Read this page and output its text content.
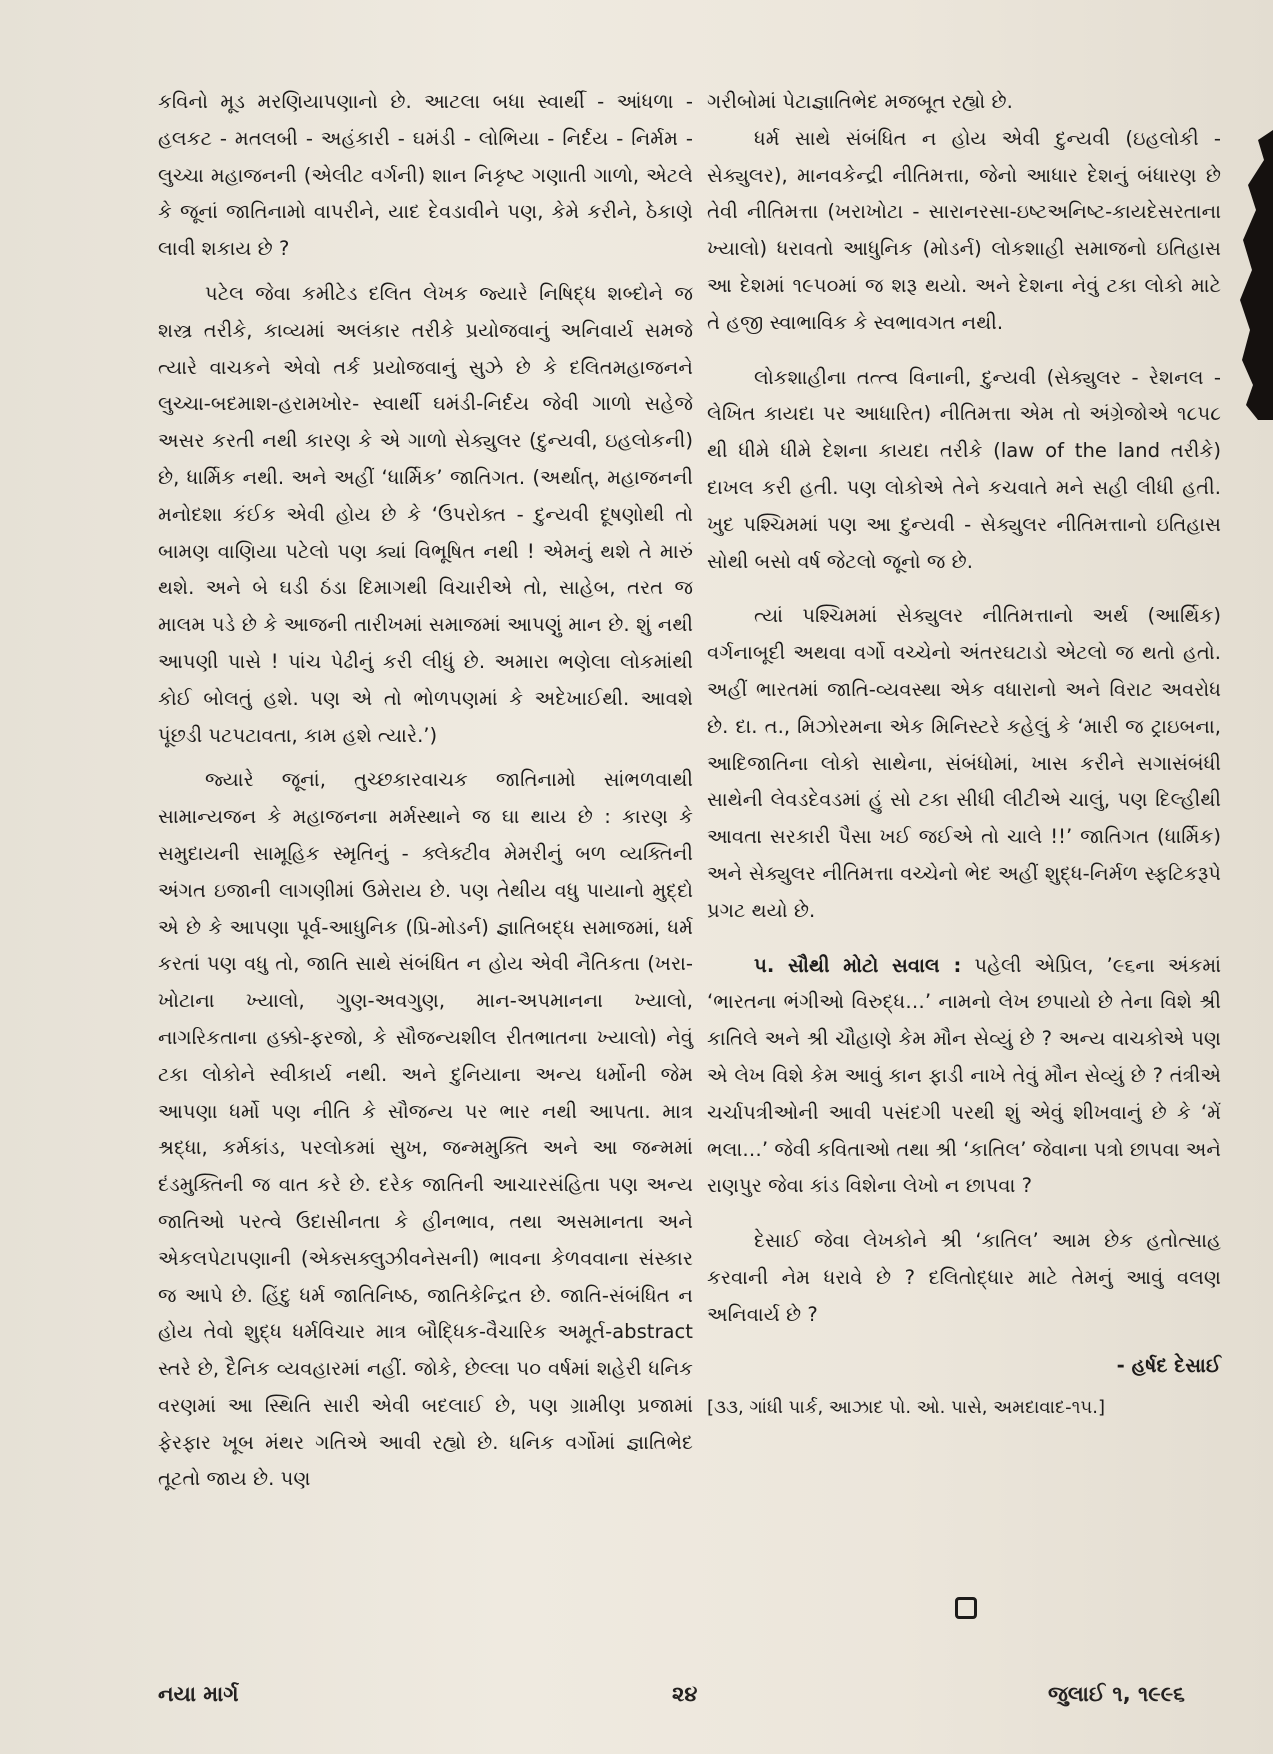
કવિનો મૂડ મરણિયાપણાનો છે. આટલા બધા સ્વાર્થી - આંધળા - હલકટ - મતલબી - અહંકારી - ઘમંડી - લોભિયા - નિર્દય - નિર્મમ - લુચ્ચા મહાજનની (એલીટ વર્ગની) શાન નિકૃષ્ટ ગણાતી ગાળો, એટલે કે જૂનાં જાતિનામો વાપરીને, યાદ દેવડાવીને પણ, કેમે કરીને, ઠેકાણે લાવી શકાય છે ?

પટેલ જેવા કમીટેડ દલિત લેખક જ્યારે નિષિદ્ધ શબ્દોને જ શસ્ત્ર તરીકે, કાવ્યમાં અલંકાર તરીકે પ્રયોજવાનું અનિવાર્ય સમજે ત્યારે વાચકને એવો તર્ક પ્રયોજવાનું સુઝે છે કે દલિતમહાજનને લુચ્ચા-બદમાશ-હરામખોર- સ્વાર્થી ઘમંડી-નિર્દય જેવી ગાળો સહેજે અસર કરતી નથી કારણ કે એ ગાળો સેક્યુલર (દુન્યવી, ઇહલોકની) છે, ધાર્મિક નથી. અને અહીં ‘ધાર્મિક’ જાતિગત. (અર્થાત્, મહાજનની મનોદશા કંઈક એવી હોય છે કે ‘ઉપરોક્ત - દુન્યવી દૂષણોથી તો બામણ વાણિયા પટેલો પણ ક્યાં વિભૂષિત નથી ! એમનું થશે તે મારું થશે. અને બે ઘડી ઠંડા દિમાગથી વિચારીએ તો, સાહેબ, તરત જ માલમ પડે છે કે આજની તારીખમાં સમાજમાં આપણું માન છે. શું નથી આપણી પાસે ! પાંચ પેઢીનું કરી લીધું છે. અમારા ભણેલા લોકમાંથી કોઈ બોલતું હશે. પણ એ તો ભોળપણમાં કે અદેખાઈથી. આવશે પૂંછડી પટપટાવતા, કામ હશે ત્યારે.’)

જ્યારે જૂનાં, તુચ્છકારવાચક જાતિનામો સાંભળવાથી સામાન્યજન કે મહાજનના મર્મસ્થાને જ ઘા થાય છે : કારણ કે સમુદાયની સામૂહિક સ્મૃતિનું - ક્લેક્ટીવ મેમરીનું બળ વ્યક્તિની અંગત ઇજાની લાગણીમાં ઉમેરાય છે. પણ તેથીય વધુ પાયાનો મુદ્દો એ છે કે આપણા પૂર્વ-આધુનિક (પ્રિ-મોડર્ન) જ્ઞાતિબદ્ધ સમાજમાં, ધર્મ કરતાં પણ વધુ તો, જાતિ સાથે સંબંધિત ન હોય એવી નૈતિકતા (ખરા-ખોટાના ખ્યાલો, ગુણ-અવગુણ, માન-અપમાનના ખ્યાલો, નાગરિકતાના હક્કો-ફરજો, કે સૌજન્યશીલ રીતભાતના ખ્યાલો) નેવું ટકા લોકોને સ્વીકાર્ય નથી. અને દુનિયાના અન્ય ધર્મોની જેમ આપણા ધર્મો પણ નીતિ કે સૌજન્ય પર ભાર નથી આપતા. માત્ર શ્રદ્ધા, કર્મકાંડ, પરલોકમાં સુખ, જન્મમુક્તિ અને આ જન્મમાં દંડમુક્તિની જ વાત કરે છે. દરેક જાતિની આચારસંહિતા પણ અન્ય જાતિઓ પરત્વે ઉદાસીનતા કે હીનભાવ, તથા અસમાનતા અને એકલપેટાપણાની (એક્સક્લુઝીવનેસની) ભાવના કેળવવાના સંસ્કાર જ આપે છે. હિંદુ ધર્મ જાતિનિષ્ઠ, જાતિકેન્દ્રિત છે. જાતિ-સંબંધિત ન હોય તેવો શુદ્ધ ધર્મવિચાર માત્ર બૌદ્ધિક-વૈચારિક અમૂર્ત-abstract સ્તરે છે, દૈનિક વ્યવહારમાં નહીં. જોકે, છેલ્લા ૫૦ વર્ષમાં શહેરી ધનિક વરણમાં આ સ્થિતિ સારી એવી બદલાઈ છે, પણ ગ્રામીણ પ્રજામાં ફેરફાર ખૂબ મંથર ગતિએ આવી રહ્યો છે. ધનિક વર્ગોમાં જ્ઞાતિભેદ તૂટતો જાય છે. પણ

ગરીબોમાં પેટાજ્ઞાતિભેદ મજબૂત રહ્યો છે.

ધર્મ સાથે સંબંધિત ન હોય એવી દુન્યવી (ઇહલોકી - સેક્યુલર), માનવકેન્દ્રી નીતિમત્તા, જેનો આધાર દેશનું બંધારણ છે તેવી નીતિમત્તા (ખરાખોટા - સારાનરસા-ઇષ્ટઅનિષ્ટ-કાયદેસરતાના ખ્યાલો) ધરાવતો આધુનિક (મોડર્ન) લોકશાહી સમાજનો ઇતિહાસ આ દેશમાં ૧૯૫૦માં જ શરૂ થયો. અને દેશના નેવું ટકા લોકો માટે તે હજી સ્વાભાવિક કે સ્વભાવગત નથી.

લોકશાહીના તત્ત્વ વિનાની, દુન્યવી (સેક્યુલર - રેશનલ - લેખિત કાયદા પર આધારિત) નીતિમત્તા એમ તો અંગ્રેજોએ ૧૮૫૮ થી ધીમે ધીમે દેશના કાયદા તરીકે (law of the land તરીકે) દાખલ કરી હતી. પણ લોકોએ તેને કચવાતે મને સહી લીધી હતી. ખુદ પશ્ચિમમાં પણ આ દુન્યવી - સેક્યુલર નીતિમત્તાનો ઇતિહાસ સોથી બસો વર્ષ જેટલો જૂનો જ છે.

ત્યાં પશ્ચિમમાં સેક્યુલર નીતિમત્તાનો અર્થ (આર્થિક) વર્ગનાબૂદી અથવા વર્ગો વચ્ચેનો અંતરઘટાડો એટલો જ થતો હતો. અહીં ભારતમાં જાતિ-વ્યવસ્થા એક વધારાનો અને વિરાટ અવરોધ છે. દા. ત., મિઝોરમના એક મિનિસ્ટરે કહેલું કે ‘મારી જ ટ્રાઇબના, આદિજાતિના લોકો સાથેના, સંબંધોમાં, ખાસ કરીને સગાસંબંધી સાથેની લેવડદેવડમાં હું સો ટકા સીધી લીટીએ ચાલું, પણ દિલ્હીથી આવતા સરકારી પૈસા ખઈ જઈએ તો ચાલે !!’ જાતિગત (ધાર્મિક) અને સેક્યુલર નીતિમત્તા વચ્ચેનો ભેદ અહીં શુદ્ધ-નિર્મળ સ્ફટિકરૂપે પ્રગટ થયો છે.

૫. સૌથી મોટો સવાલ : પહેલી એપ્રિલ, ’૯૬ના અંકમાં ‘ભારતના ભંગીઓ વિરુદ્ધ…’ નામનો લેખ છપાયો છે તેના વિશે શ્રી કાતિલે અને શ્રી ચૌહાણે કેમ મૌન સેવ્યું છે ? અન્ય વાચકોએ પણ એ લેખ વિશે કેમ આવું કાન ફાડી નાખે તેવું મૌન સેવ્યું છે ? તંત્રીએ ચર્ચાપત્રીઓની આવી પસંદગી પરથી શું એવું શીખવાનું છે કે ‘મેં ભલા…’ જેવી કવિતાઓ તથા શ્રી ‘કાતિલ’ જેવાના પત્રો છાપવા અને રાણપુર જેવા કાંડ વિશેના લેખો ન છાપવા ?

દેસાઈ જેવા લેખકોને શ્રી ‘કાતિલ’ આમ છેક હતોત્સાહ કરવાની નેમ ધરાવે છે ? દલિતોદ્ધાર માટે તેમનું આવું વલણ અનિવાર્ય છે ?

- હર્ષદ દેસાઈ

[૩૩, ગાંધી પાર્ક, આઝાદ પો. ઓ. પાસે, અમદાવાદ-૧૫.]

નયા માર્ગ	૨૪	જુલાઈ ૧, ૧૯૯૬
